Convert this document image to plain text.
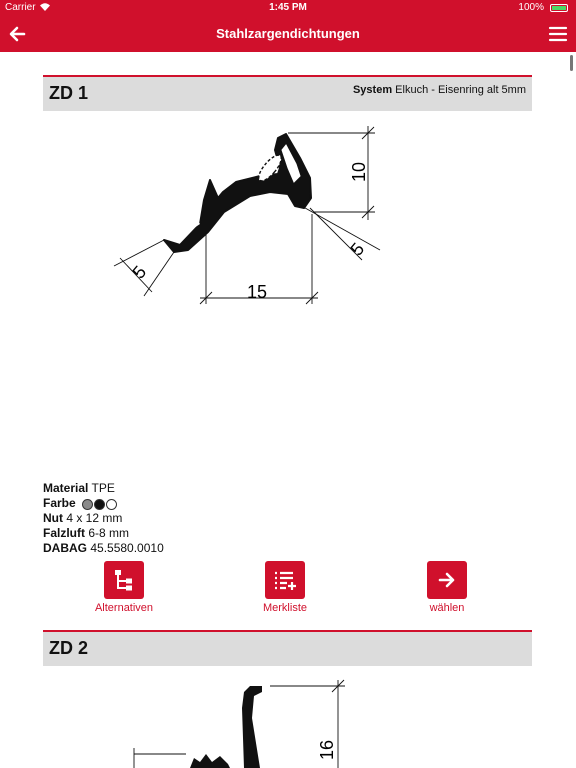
Carrier	1:45 PM	100%
Stahlzargendichtungen
ZD 1	System Elkuch - Eisenring alt 5mm
10
5
5
15
Material TPE
Farbe
Nut 4 x 12 mm
Falzluft 6-8 mm
DABAG 45.5580.0010
Alternativen	Merkliste	wählen
ZD 2
16
